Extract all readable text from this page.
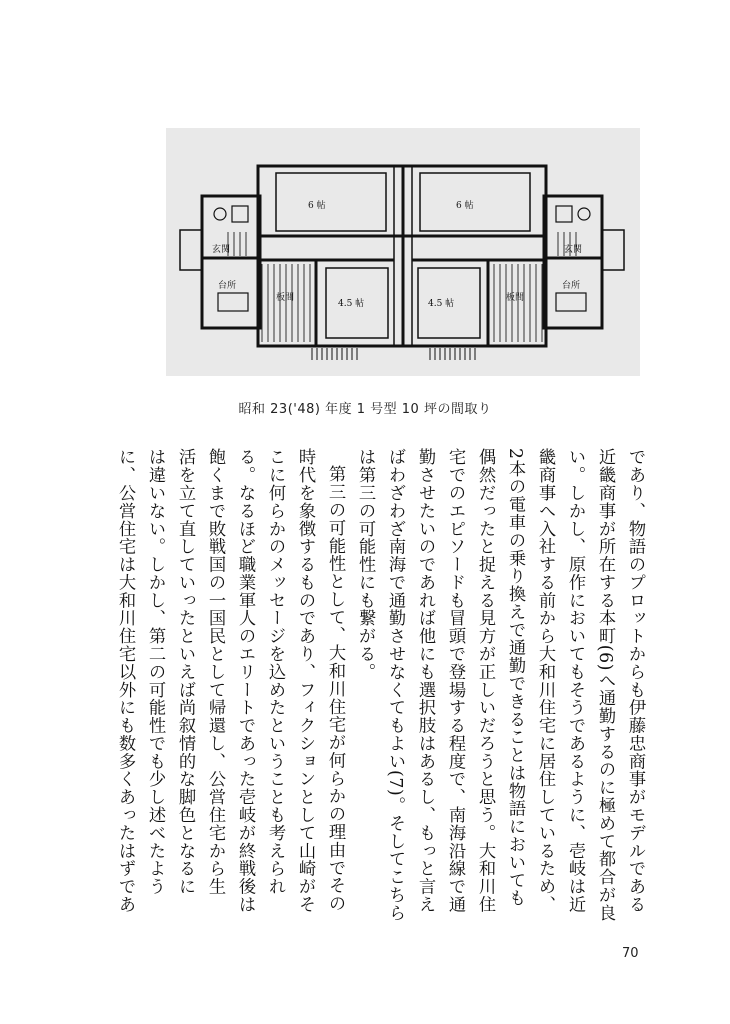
6 帖	6 帖
4.5 帖	4.5 帖
玄関	玄関
台所	台所
板間	板間
昭和 23('48) 年度 1 号型 10 坪の間取り
であり、物語のプロットからも伊藤忠商事がモデルである
近畿商事が所在する本町(6)へ通勤するのに極めて都合が良
い。しかし、原作においてもそうであるように、壱岐は近
畿商事へ入社する前から大和川住宅に居住しているため、
2本の電車の乗り換えで通勤できることは物語においても
偶然だったと捉える見方が正しいだろうと思う。大和川住
宅でのエピソードも冒頭で登場する程度で、南海沿線で通
勤させたいのであれば他にも選択肢はあるし、もっと言え
ばわざわざ南海で通勤させなくてもよい(7)。そしてこちら
は第三の可能性にも繋がる。
第三の可能性として、大和川住宅が何らかの理由でその
時代を象徴するものであり、フィクションとして山崎がそ
こに何らかのメッセージを込めたということも考えられ
る。なるほど職業軍人のエリートであった壱岐が終戦後は
飽くまで敗戦国の一国民として帰還し、公営住宅から生
活を立て直していったといえば尚叙情的な脚色となるに
は違いない。しかし、第二の可能性でも少し述べたよう
に、公営住宅は大和川住宅以外にも数多くあったはずであ
70
